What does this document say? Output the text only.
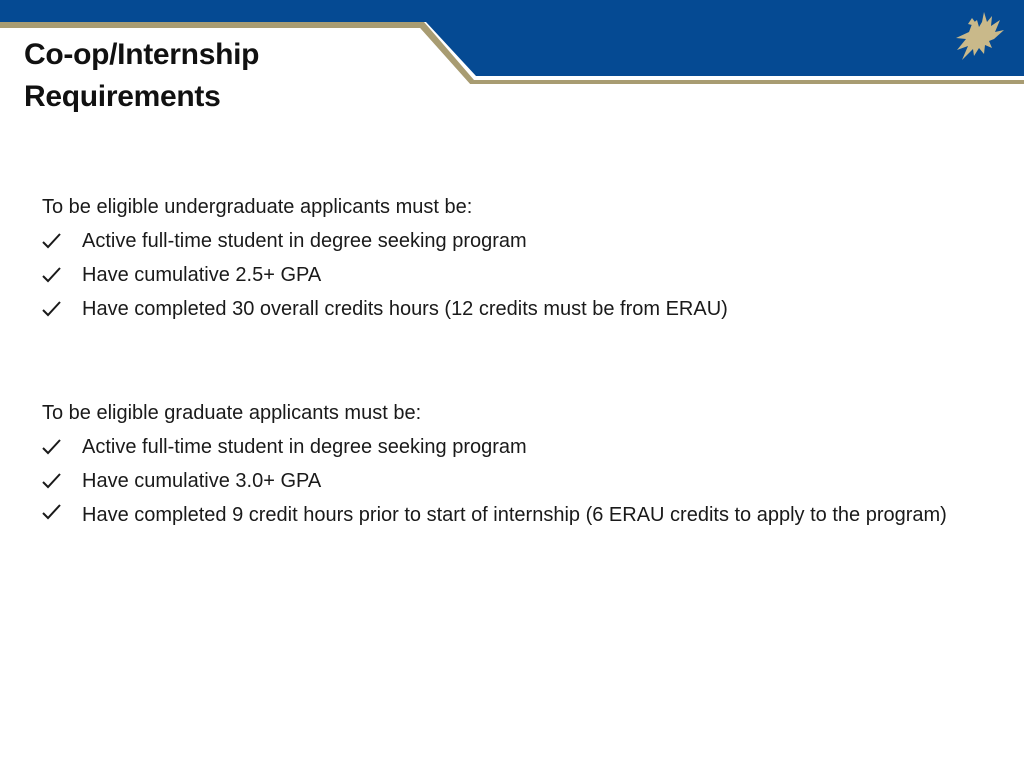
Co-op/Internship
Requirements
To be eligible undergraduate applicants must be:
Active full-time student in degree seeking program
Have cumulative 2.5+ GPA
Have completed 30 overall credits hours (12 credits must be from ERAU)
To be eligible graduate applicants must be:
Active full-time student in degree seeking program
Have cumulative 3.0+ GPA
Have completed 9 credit hours prior to start of internship (6 ERAU credits to apply to the program)
